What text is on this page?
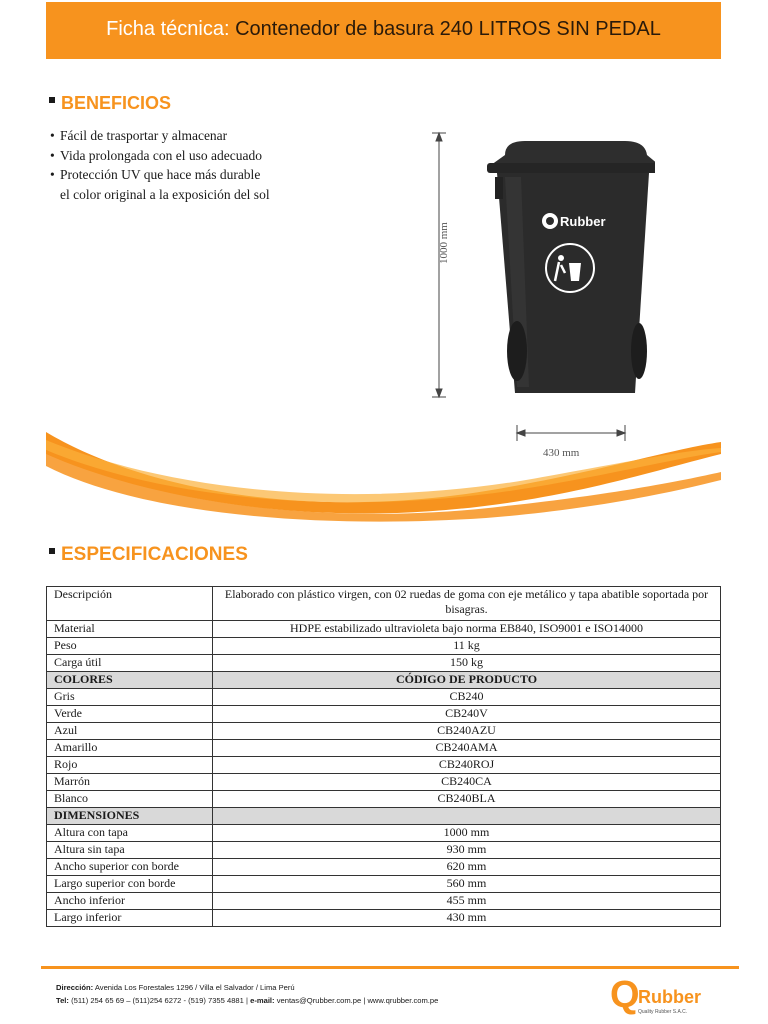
Ficha técnica: Contenedor de basura 240 LITROS SIN PEDAL
BENEFICIOS
• Fácil de trasportar y almacenar
• Vida prolongada con el uso adecuado
• Protección UV que hace más durable el color original a la exposición del sol
Rubber
1000 mm
430 mm
ESPECIFICACIONES
Descripción	Elaborado con plástico virgen, con 02 ruedas de goma con eje metálico y tapa abatible soportada por bisagras.
Material	HDPE estabilizado ultravioleta bajo norma EB840, ISO9001 e ISO14000
Peso	11 kg
Carga útil	150 kg
COLORES	CÓDIGO DE PRODUCTO
Gris	CB240
Verde	CB240V
Azul	CB240AZU
Amarillo	CB240AMA
Rojo	CB240ROJ
Marrón	CB240CA
Blanco	CB240BLA
DIMENSIONES	
Altura con tapa	1000 mm
Altura sin tapa	930 mm
Ancho superior con borde	620 mm
Largo superior con borde	560 mm
Ancho inferior	455 mm
Largo inferior	430 mm
Dirección: Avenida Los Forestales 1296 / Villa el Salvador / Lima Perú
Tel: (511) 254 65 69 – (511)254 6272 - (519) 7355 4881 | e-mail: ventas@Qrubber.com.pe | www.qrubber.com.pe	Q
Rubber
Quality Rubber S.A.C.
